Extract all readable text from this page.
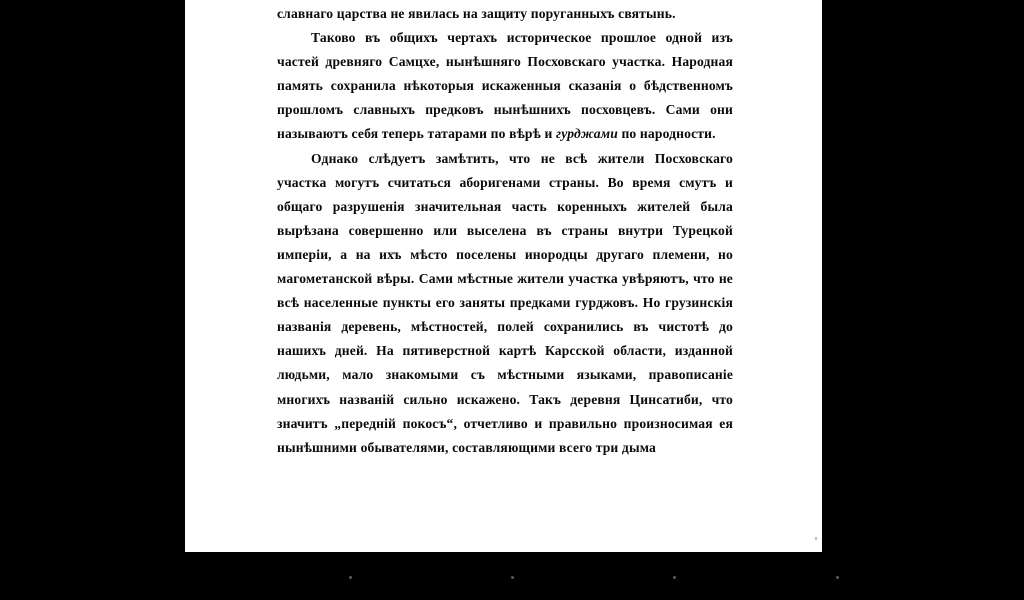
славнаго царства не явилась на защиту поруганныхъ святынь.

Таково въ общихъ чертахъ историческое прошлое одной изъ частей древняго Самцхе, нынѣшняго Посховскаго участка. Народная память сохранила нѣкоторыя искаженныя сказанія о бѣдственномъ прошломъ славныхъ предковъ нынѣшнихъ посховцевъ. Сами они называютъ себя теперь татарами по вѣрѣ и гурджами по народности.

Однако слѣдуетъ замѣтить, что не всѣ жители Посховскаго участка могутъ считаться аборигенами страны. Во время смутъ и общаго разрушенія значительная часть коренныхъ жителей была вырѣзана совершенно или выселена въ страны внутри Турецкой имперіи, а на ихъ мѣсто поселены инородцы другаго племени, но магометанской вѣры. Сами мѣстные жители участка увѣряютъ, что не всѣ населенные пункты его заняты предками гурджовъ. Но грузинскія названія деревень, мѣстностей, полей сохранились въ чистотѣ до нашихъ дней. На пятиверстной картѣ Карсской области, изданной людьми, мало знакомыми съ мѣстными языками, правописаніе многихъ названій сильно искажено. Такъ деревня Цинсатиби, что значитъ „передній покосъ“, отчетливо и правильно произносимая ея нынѣшними обывателями, составляющими всего три дыма
